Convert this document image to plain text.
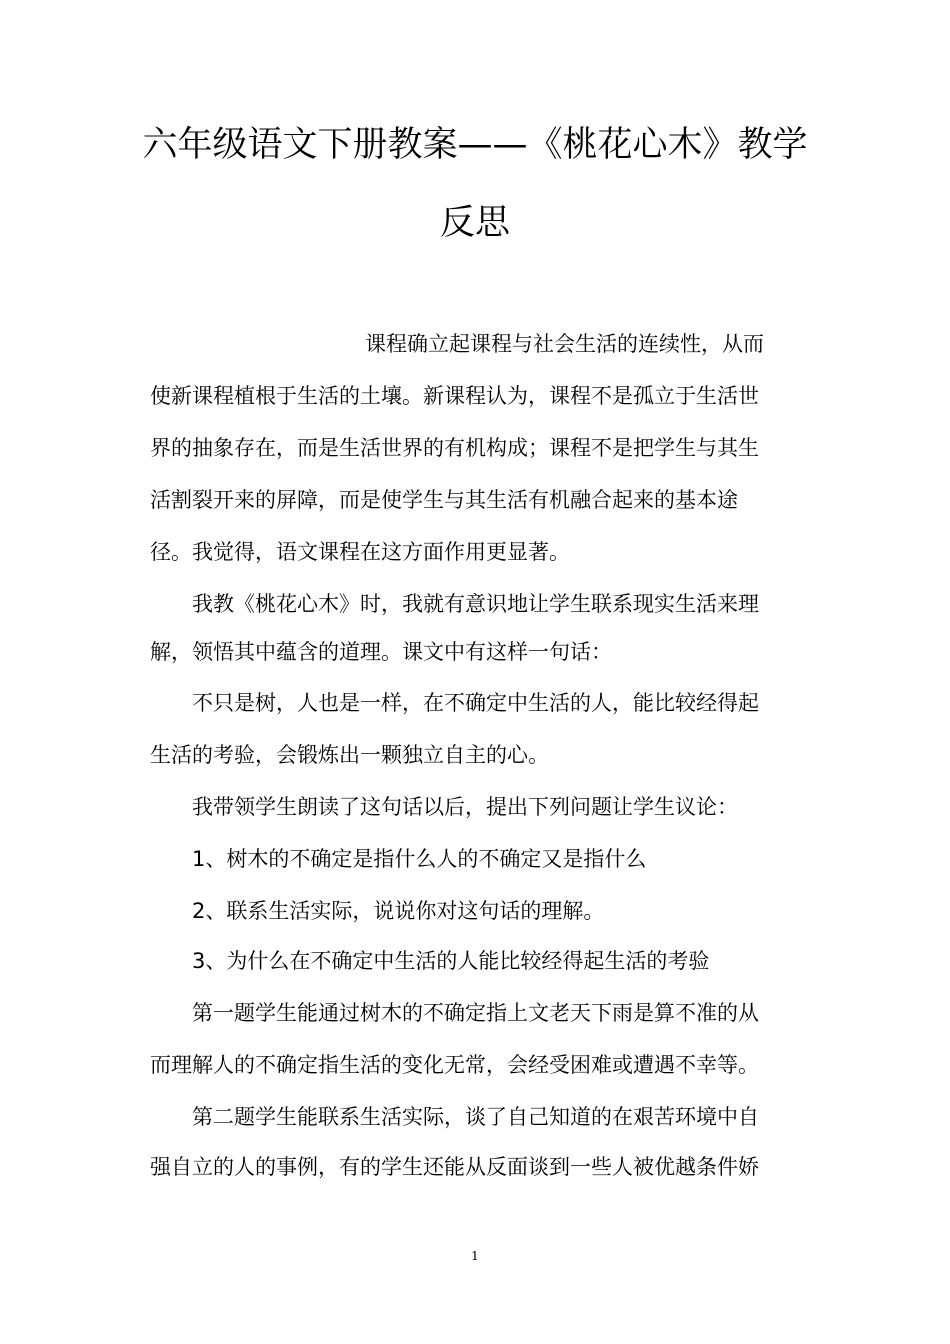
六年级语文下册教案——《桃花心木》教学
反思
课程确立起课程与社会生活的连续性，从而
使新课程植根于生活的土壤。新课程认为，课程不是孤立于生活世
界的抽象存在，而是生活世界的有机构成；课程不是把学生与其生
活割裂开来的屏障，而是使学生与其生活有机融合起来的基本途
径。我觉得，语文课程在这方面作用更显著。
我教《桃花心木》时，我就有意识地让学生联系现实生活来理
解，领悟其中蕴含的道理。课文中有这样一句话：
不只是树，人也是一样，在不确定中生活的人，能比较经得起
生活的考验，会锻炼出一颗独立自主的心。
我带领学生朗读了这句话以后，提出下列问题让学生议论：
1、树木的不确定是指什么人的不确定又是指什么
2、联系生活实际，说说你对这句话的理解。
3、为什么在不确定中生活的人能比较经得起生活的考验
第一题学生能通过树木的不确定指上文老天下雨是算不准的从
而理解人的不确定指生活的变化无常，会经受困难或遭遇不幸等。
第二题学生能联系生活实际，谈了自己知道的在艰苦环境中自
强自立的人的事例，有的学生还能从反面谈到一些人被优越条件娇
1
